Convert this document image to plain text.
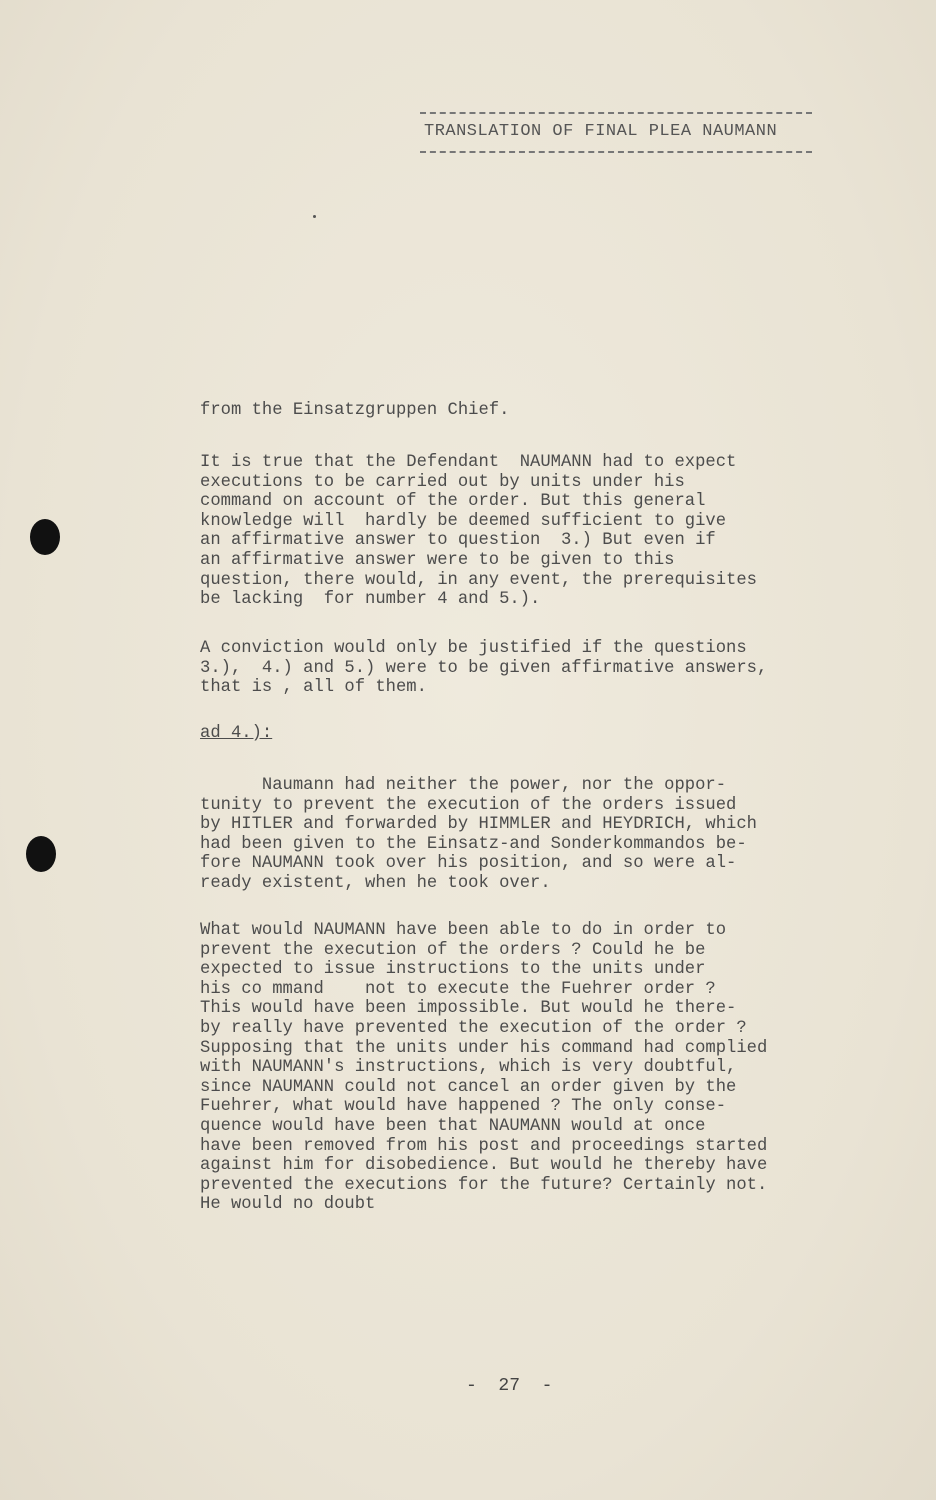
TRANSLATION OF FINAL PLEA NAUMANN

from the Einsatzgruppen Chief.

It is true that the Defendant  NAUMANN had to expect
executions to be carried out by units under his
command on account of the order. But this general
knowledge will  hardly be deemed sufficient to give
an affirmative answer to question  3.) But even if
an affirmative answer were to be given to this
question, there would, in any event, the prerequisites
be lacking  for number 4 and 5.).

A conviction would only be justified if the questions
3.),  4.) and 5.) were to be given affirmative answers,
that is , all of them.

ad 4.):

Naumann had neither the power, nor the oppor-
tunity to prevent the execution of the orders issued
by HITLER and forwarded by HIMMLER and HEYDRICH, which
had been given to the Einsatz-and Sonderkommandos be-
fore NAUMANN took over his position, and so were al-
ready existent, when he took over.

What would NAUMANN have been able to do in order to
prevent the execution of the orders ? Could he be
expected to issue instructions to the units under
his co mmand    not to execute the Fuehrer order ?
This would have been impossible. But would he there-
by really have prevented the execution of the order ?
Supposing that the units under his command had complied
with NAUMANN's instructions, which is very doubtful,
since NAUMANN could not cancel an order given by the
Fuehrer, what would have happened ? The only conse-
quence would have been that NAUMANN would at once
have been removed from his post and proceedings started
against him for disobedience. But would he thereby have
prevented the executions for the future? Certainly not.
He would no doubt

-  27  -
